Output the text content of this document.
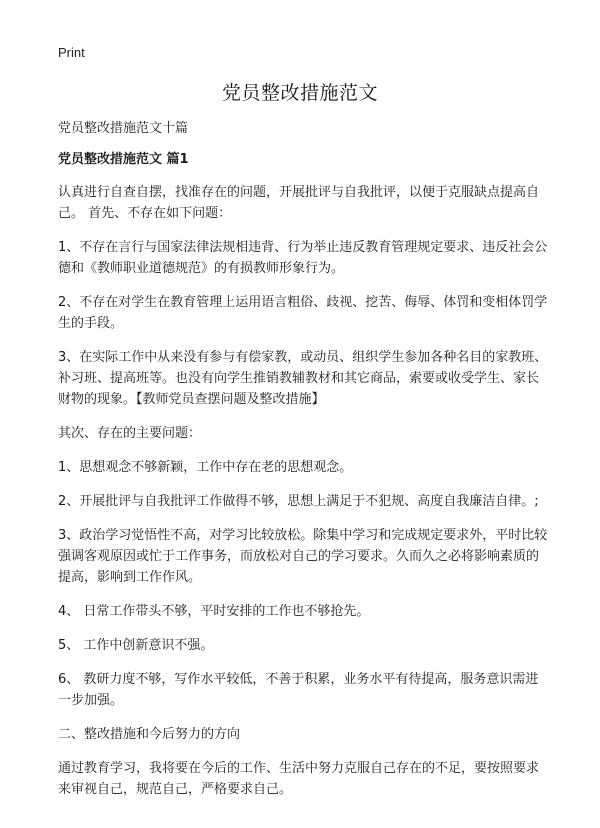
Print
党员整改措施范文
党员整改措施范文十篇
党员整改措施范文 篇1

认真进行自查自摆，找准存在的问题，开展批评与自我批评，以便于克服缺点提高自己。 首先、不存在如下问题：

1、不存在言行与国家法律法规相违背、行为举止违反教育管理规定要求、违反社会公德和《教师职业道德规范》的有损教师形象行为。

2、不存在对学生在教育管理上运用语言粗俗、歧视、挖苦、侮辱、体罚和变相体罚学生的手段。

3、在实际工作中从来没有参与有偿家教，或动员、组织学生参加各种名目的家教班、补习班、提高班等。也没有向学生推销教辅教材和其它商品，索要或收受学生、家长财物的现象。【教师党员查摆问题及整改措施】

其次、存在的主要问题：

1、思想观念不够新颖，工作中存在老的思想观念。

2、开展批评与自我批评工作做得不够，思想上满足于不犯规、高度自我廉洁自律。;

3、政治学习觉悟性不高，对学习比较放松。除集中学习和完成规定要求外，平时比较强调客观原因或忙于工作事务，而放松对自己的学习要求。久而久之必将影响素质的提高，影响到工作作风。

4、 日常工作带头不够，平时安排的工作也不够抢先。

5、 工作中创新意识不强。

6、 教研力度不够，写作水平较低，不善于积累，业务水平有待提高，服务意识需进一步加强。

二、整改措施和今后努力的方向

通过教育学习，我将要在今后的工作、生活中努力克服自己存在的不足，要按照要求来审视自己，规范自己，严格要求自己。
